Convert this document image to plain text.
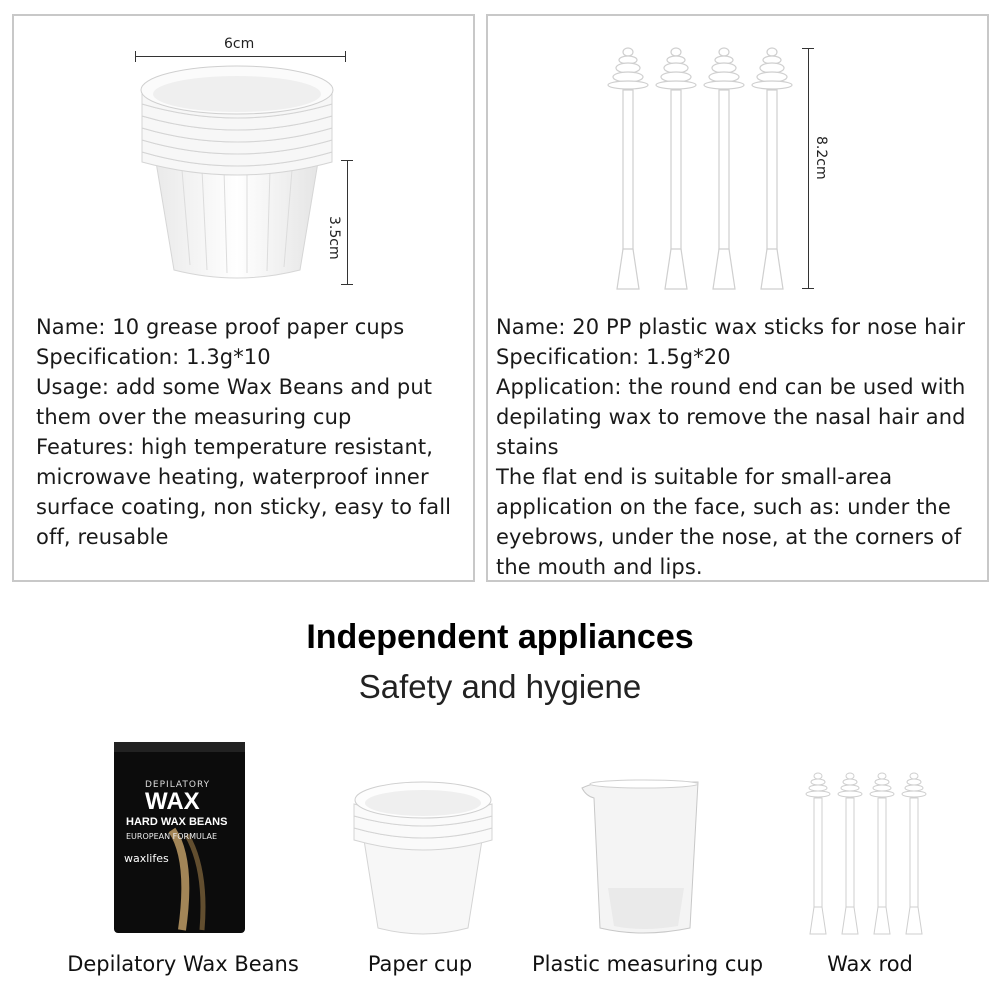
6cm
3.5cm

Name: 10 grease proof paper cups

Specification: 1.3g*10

Usage: add some Wax Beans and put

them over the measuring cup

Features: high temperature resistant,

microwave heating, waterproof inner

surface coating, non sticky, easy to fall

off, reusable

8.2cm

Name: 20 PP plastic wax sticks for nose hair

Specification: 1.5g*20

Application: the round end can be used with

depilating wax to remove the nasal hair and

stains

The flat end is suitable for small-area

application on the face, such as: under the

eyebrows, under the nose, at the corners of

the mouth and lips.

Independent appliances
Safety and hygiene
DEPILATORY
WAX
HARD WAX BEANS
EUROPEAN FORMULAE
waxlifes
Depilatory Wax Beans	Paper cup	Plastic measuring cup	Wax rod
